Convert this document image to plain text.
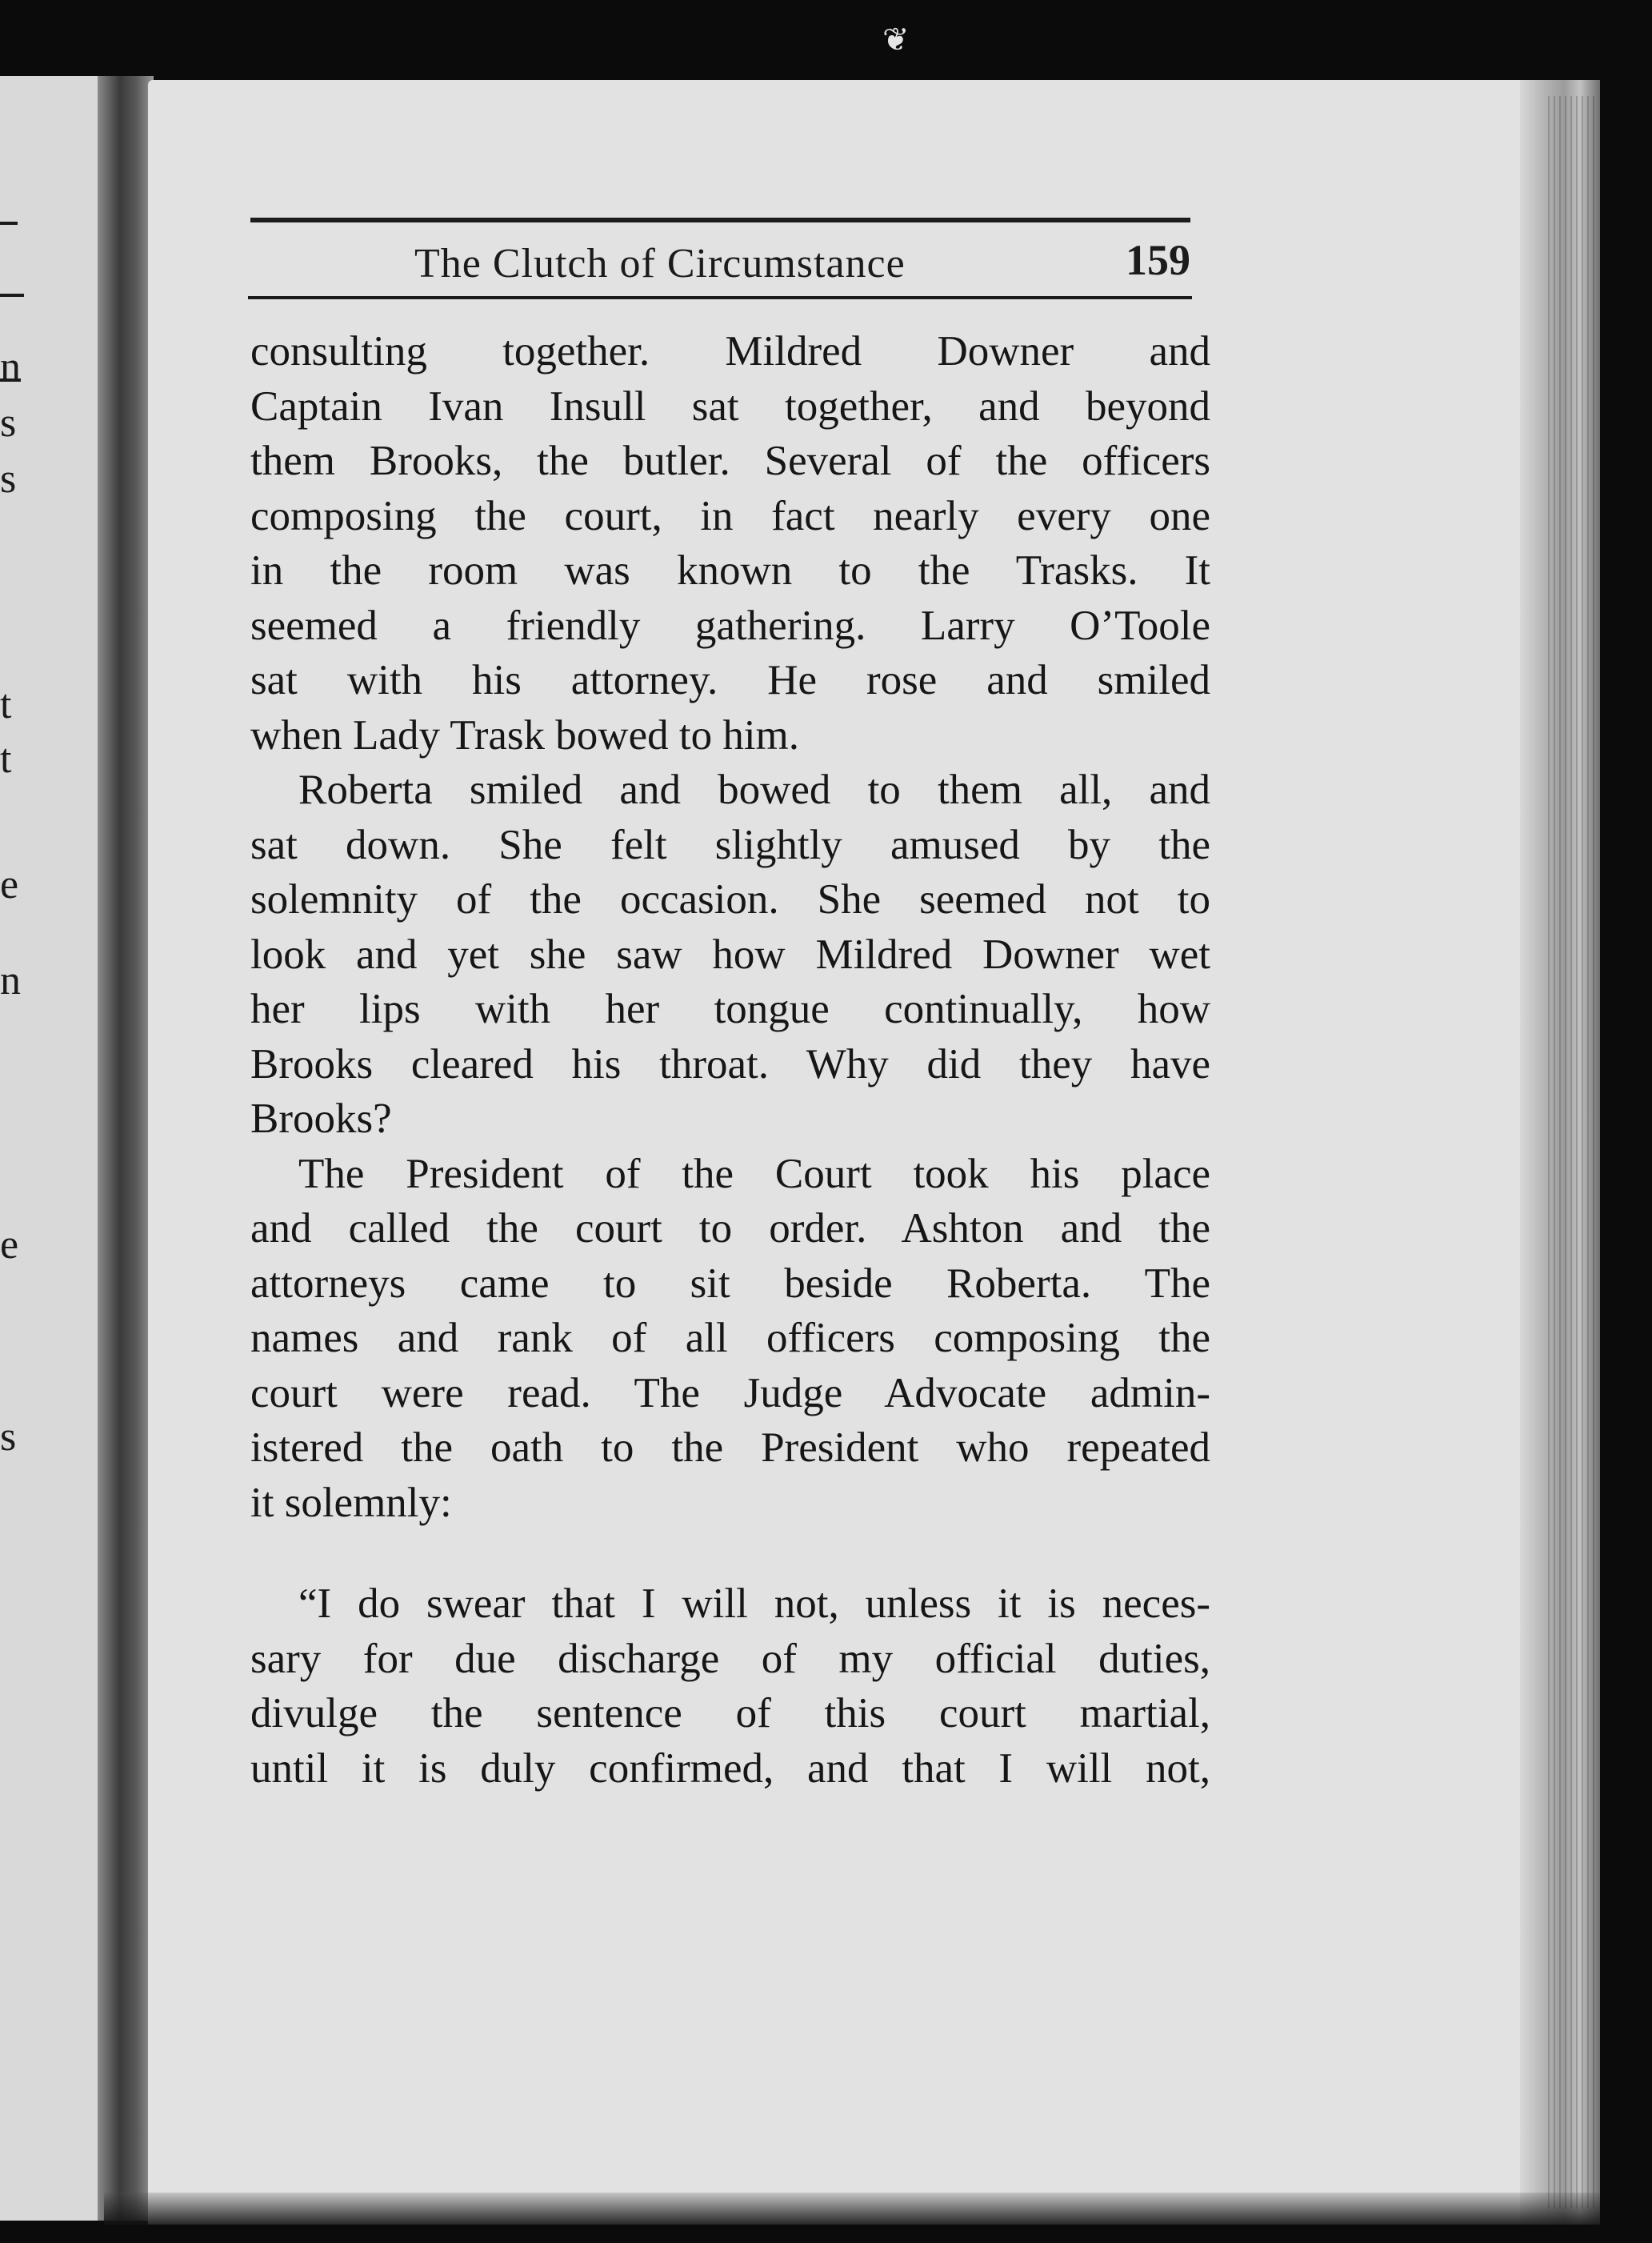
❦
n
s
s
t
t
e
n
e
s
The Clutch of Circumstance	159
consulting together. Mildred Downer and
Captain Ivan Insull sat together, and beyond
them Brooks, the butler. Several of the officers
composing the court, in fact nearly every one
in the room was known to the Trasks. It
seemed a friendly gathering. Larry O’Toole
sat with his attorney. He rose and smiled
when Lady Trask bowed to him.
Roberta smiled and bowed to them all, and
sat down. She felt slightly amused by the
solemnity of the occasion. She seemed not to
look and yet she saw how Mildred Downer wet
her lips with her tongue continually, how
Brooks cleared his throat. Why did they have
Brooks?
The President of the Court took his place
and called the court to order. Ashton and the
attorneys came to sit beside Roberta. The
names and rank of all officers composing the
court were read. The Judge Advocate admin-
istered the oath to the President who repeated
it solemnly:
“I do swear that I will not, unless it is neces-
sary for due discharge of my official duties,
divulge the sentence of this court martial,
until it is duly confirmed, and that I will not,
